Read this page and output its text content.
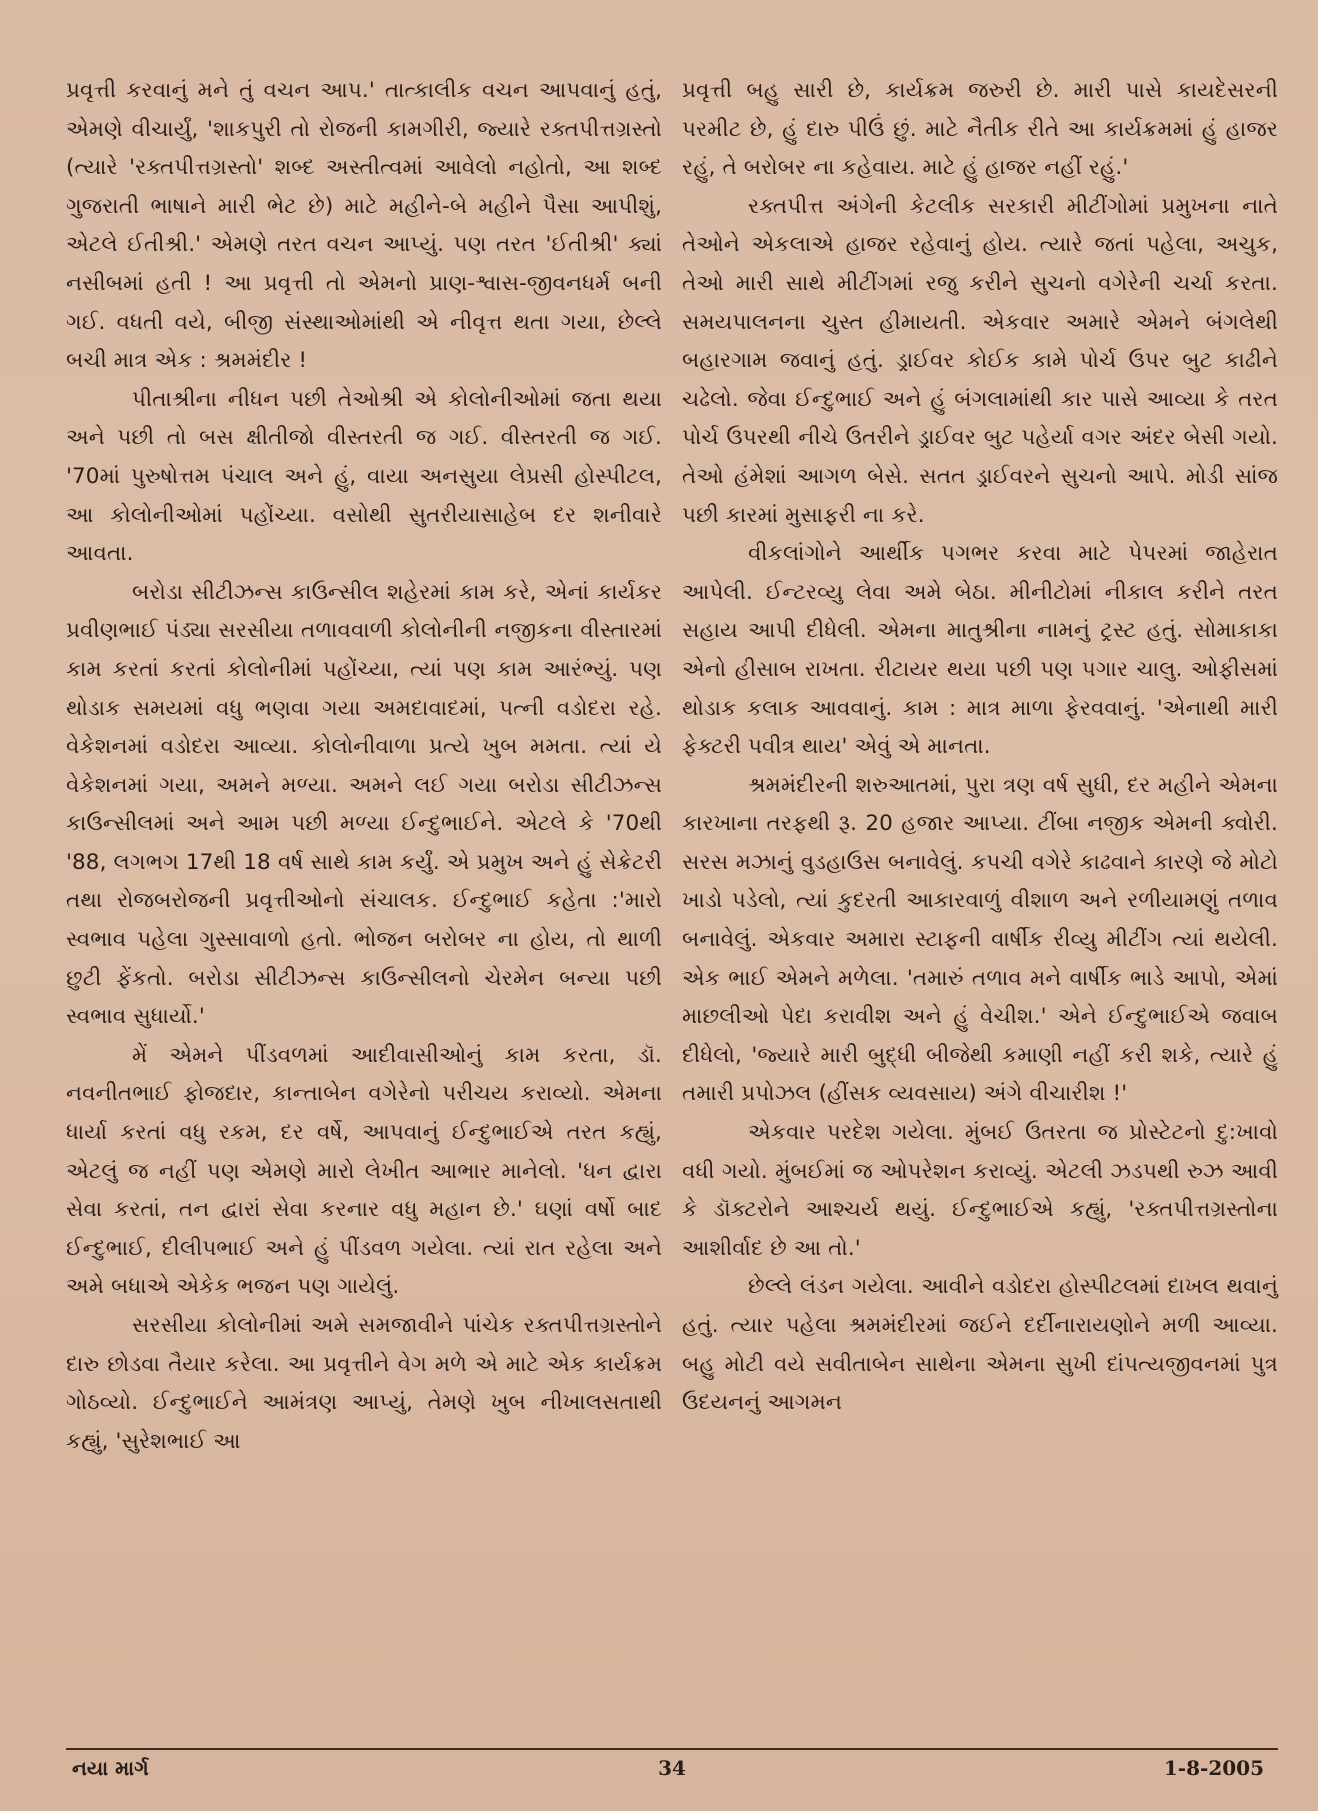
પ્રવૃત્તી કરવાનું મને તું વચન આપ.' તાત્કાલીક વચન આપવાનું હતું, એમણે વીચાર્યું, 'શાકપુરી તો રોજની કામગીરી, જ્યારે રક્તપીત્તગ્રસ્તો (ત્યારે 'રક્તપીત્તગ્રસ્તો' શબ્દ અસ્તીત્વમાં આવેલો નહોતો, આ શબ્દ ગુજરાતી ભાષાને મારી ભેટ છે) માટે મહીને-બે મહીને પૈસા આપીશું, એટલે ઈતીશ્રી.' એમણે તરત વચન આપ્યું. પણ તરત 'ઈતીશ્રી' ક્યાં નસીબમાં હતી ! આ પ્રવૃત્તી તો એમનો પ્રાણ-શ્વાસ-જીવનધર્મ બની ગઈ. વધતી વયે, બીજી સંસ્થાઓમાંથી એ નીવૃત્ત થતા ગયા, છેલ્લે બચી માત્ર એક : શ્રમમંદીર !

પીતાશ્રીના નીધન પછી તેઓશ્રી એ કોલોનીઓમાં જતા થયા અને પછી તો બસ ક્ષીતીજો વીસ્તરતી જ ગઈ. વીસ્તરતી જ ગઈ. '70માં પુરુષોત્તમ પંચાલ અને હું, વાયા અનસુયા લેપ્રસી હોસ્પીટલ, આ કોલોનીઓમાં પહોંચ્યા. વસોથી સુતરીયાસાહેબ દર શનીવારે આવતા.

બરોડા સીટીઝન્સ કાઉન્સીલ શહેરમાં કામ કરે, એનાં કાર્યકર પ્રવીણભાઈ પંડ્યા સરસીયા તળાવવાળી કોલોનીની નજીકના વીસ્તારમાં કામ કરતાં કરતાં કોલોનીમાં પહોંચ્યા, ત્યાં પણ કામ આરંભ્યું. પણ થોડાક સમયમાં વધુ ભણવા ગયા અમદાવાદમાં, પત્ની વડોદરા રહે. વેકેશનમાં વડોદરા આવ્યા. કોલોનીવાળા પ્રત્યે ખુબ મમતા. ત્યાં યે વેકેશનમાં ગયા, અમને મળ્યા. અમને લઈ ગયા બરોડા સીટીઝન્સ કાઉન્સીલમાં અને આમ પછી મળ્યા ઈન્દુભાઈને. એટલે કે '70થી '88, લગભગ 17થી 18 વર્ષ સાથે કામ કર્યું. એ પ્રમુખ અને હું સેક્રેટરી તથા રોજબરોજની પ્રવૃત્તીઓનો સંચાલક. ઈન્દુભાઈ કહેતા :'મારો સ્વભાવ પહેલા ગુસ્સાવાળો હતો. ભોજન બરોબર ના હોય, તો થાળી છુટી ફેંકતો. બરોડા સીટીઝન્સ કાઉન્સીલનો ચેરમેન બન્યા પછી સ્વભાવ સુધાર્યો.'

મેં એમને પીંડવળમાં આદીવાસીઓનું કામ કરતા, ડૉ. નવનીતભાઈ ફોજદાર, કાન્તાબેન વગેરેનો પરીચય કરાવ્યો. એમના ધાર્યા કરતાં વધુ રકમ, દર વર્ષે, આપવાનું ઈન્દુભાઈએ તરત કહ્યું, એટલું જ નહીં પણ એમણે મારો લેખીત આભાર માનેલો. 'ધન દ્વારા સેવા કરતાં, તન દ્વારાં સેવા કરનાર વધુ મહાન છે.' ઘણાં વર્ષો બાદ ઈન્દુભાઈ, દીલીપભાઈ અને હું પીંડવળ ગયેલા. ત્યાં રાત રહેલા અને અમે બધાએ એકેક ભજન પણ ગાયેલું.

સરસીયા કોલોનીમાં અમે સમજાવીને પાંચેક રક્તપીત્તગ્રસ્તોને દારુ છોડવા તૈયાર કરેલા. આ પ્રવૃત્તીને વેગ મળે એ માટે એક કાર્યક્રમ ગોઠવ્યો. ઈન્દુભાઈને આમંત્રણ આપ્યું, તેમણે ખુબ નીખાલસતાથી કહ્યું, 'સુરેશભાઈ આ

પ્રવૃત્તી બહુ સારી છે, કાર્યક્રમ જરુરી છે. મારી પાસે કાયદેસરની પરમીટ છે, હું દારુ પીઉં છું. માટે નૈતીક રીતે આ કાર્યક્રમમાં હું હાજર રહું, તે બરોબર ના કહેવાય. માટે હું હાજર નહીં રહું.'

રક્તપીત્ત અંગેની કેટલીક સરકારી મીટીંગોમાં પ્રમુખના નાતે તેઓને એકલાએ હાજર રહેવાનું હોય. ત્યારે જતાં પહેલા, અચુક, તેઓ મારી સાથે મીટીંગમાં રજુ કરીને સુચનો વગેરેની ચર્ચા કરતા. સમયપાલનના ચુસ્ત હીમાયતી. એકવાર અમારે એમને બંગલેથી બહારગામ જવાનું હતું. ડ્રાઈવર કોઈક કામે પોર્ચ ઉપર બુટ કાઢીને ચઢેલો. જેવા ઈન્દુભાઈ અને હું બંગલામાંથી કાર પાસે આવ્યા કે તરત પોર્ચ ઉપરથી નીચે ઉતરીને ડ્રાઈવર બુટ પહેર્યા વગર અંદર બેસી ગયો. તેઓ હંમેશાં આગળ બેસે. સતત ડ્રાઈવરને સુચનો આપે. મોડી સાંજ પછી કારમાં મુસાફરી ના કરે.

વીકલાંગોને આર્થીક પગભર કરવા માટે પેપરમાં જાહેરાત આપેલી. ઈન્ટરવ્યુ લેવા અમે બેઠા. મીનીટોમાં નીકાલ કરીને તરત સહાય આપી દીધેલી. એમના માતુશ્રીના નામનું ટ્રસ્ટ હતું. સોમાકાકા એનો હીસાબ રાખતા. રીટાયર થયા પછી પણ પગાર ચાલુ. ઓફીસમાં થોડાક કલાક આવવાનું. કામ : માત્ર માળા ફેરવવાનું. 'એનાથી મારી ફેક્ટરી પવીત્ર થાય' એવું એ માનતા.

શ્રમમંદીરની શરુઆતમાં, પુરા ત્રણ વર્ષ સુધી, દર મહીને એમના કારખાના તરફથી રૂ. 20 હજાર આપ્યા. ટીંબા નજીક એમની ક્વોરી. સરસ મઝાનું વુડહાઉસ બનાવેલું. કપચી વગેરે કાઢવાને કારણે જે મોટો ખાડો પડેલો, ત્યાં કુદરતી આકારવાળું વીશાળ અને રળીયામણું તળાવ બનાવેલું. એકવાર અમારા સ્ટાફની વાર્ષીક રીવ્યુ મીટીંગ ત્યાં થયેલી. એક ભાઈ એમને મળેલા. 'તમારું તળાવ મને વાર્ષીક ભાડે આપો, એમાં માછલીઓ પેદા કરાવીશ અને હું વેચીશ.' એને ઈન્દુભાઈએ જવાબ દીધેલો, 'જ્યારે મારી બુદ્ધી બીજેથી કમાણી નહીં કરી શકે, ત્યારે હું તમારી પ્રપોઝલ (હીંસક વ્યવસાય) અંગે વીચારીશ !'

એકવાર પરદેશ ગયેલા. મુંબઈ ઉતરતા જ પ્રોસ્ટેટનો દુ:ખાવો વધી ગયો. મુંબઈમાં જ ઓપરેશન કરાવ્યું. એટલી ઝડપથી રુઝ આવી કે ડૉક્ટરોને આશ્ચર્ય થયું. ઈન્દુભાઈએ કહ્યું, 'રક્તપીત્તગ્રસ્તોના આશીર્વાદ છે આ તો.'

છેલ્લે લંડન ગયેલા. આવીને વડોદરા હોસ્પીટલમાં દાખલ થવાનું હતું. ત્યાર પહેલા શ્રમમંદીરમાં જઈને દર્દીનારાયણોને મળી આવ્યા. બહુ મોટી વયે સવીતાબેન સાથેના એમના સુખી દાંપત્યજીવનમાં પુત્ર ઉદયનનું આગમન

નયા માર્ગ	34	1-8-2005
